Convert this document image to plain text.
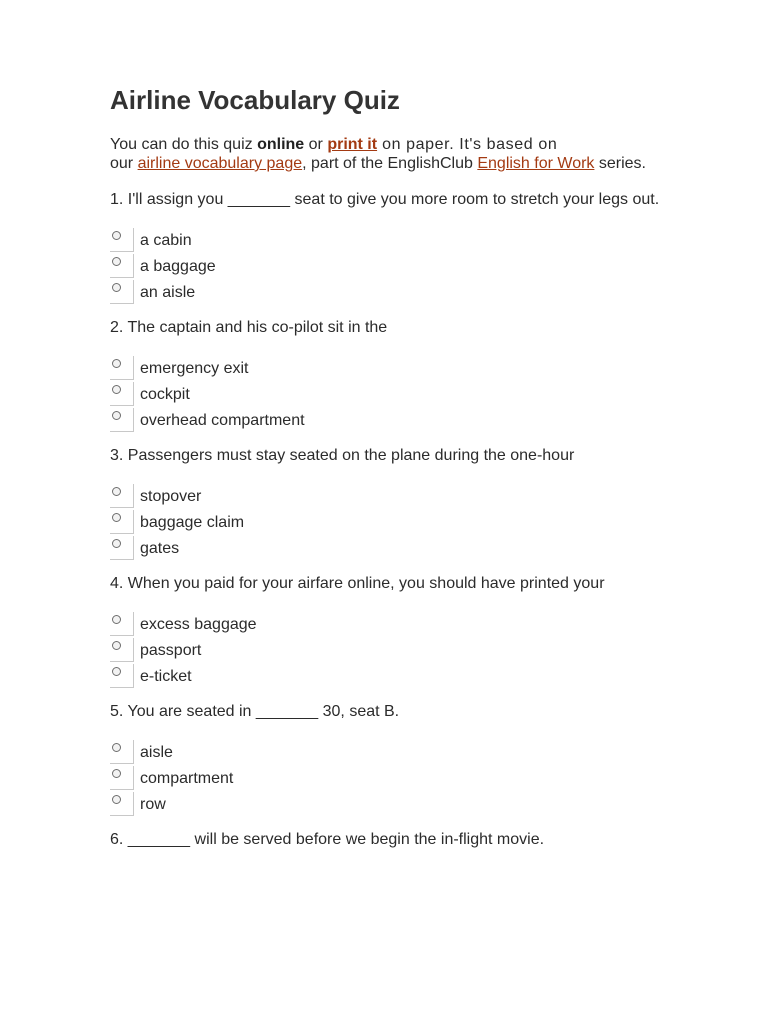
Airline Vocabulary Quiz

You can do this quiz online or print it on paper. It's based on
our airline vocabulary page, part of the EnglishClub English for Work series.

1. I'll assign you _______ seat to give you more room to stretch your legs out.

a cabin
a baggage
an aisle

2. The captain and his co-pilot sit in the

emergency exit
cockpit
overhead compartment

3. Passengers must stay seated on the plane during the one-hour

stopover
baggage claim
gates

4. When you paid for your airfare online, you should have printed your

excess baggage
passport
e-ticket

5. You are seated in _______ 30, seat B.

aisle
compartment
row

6. _______ will be served before we begin the in-flight movie.
